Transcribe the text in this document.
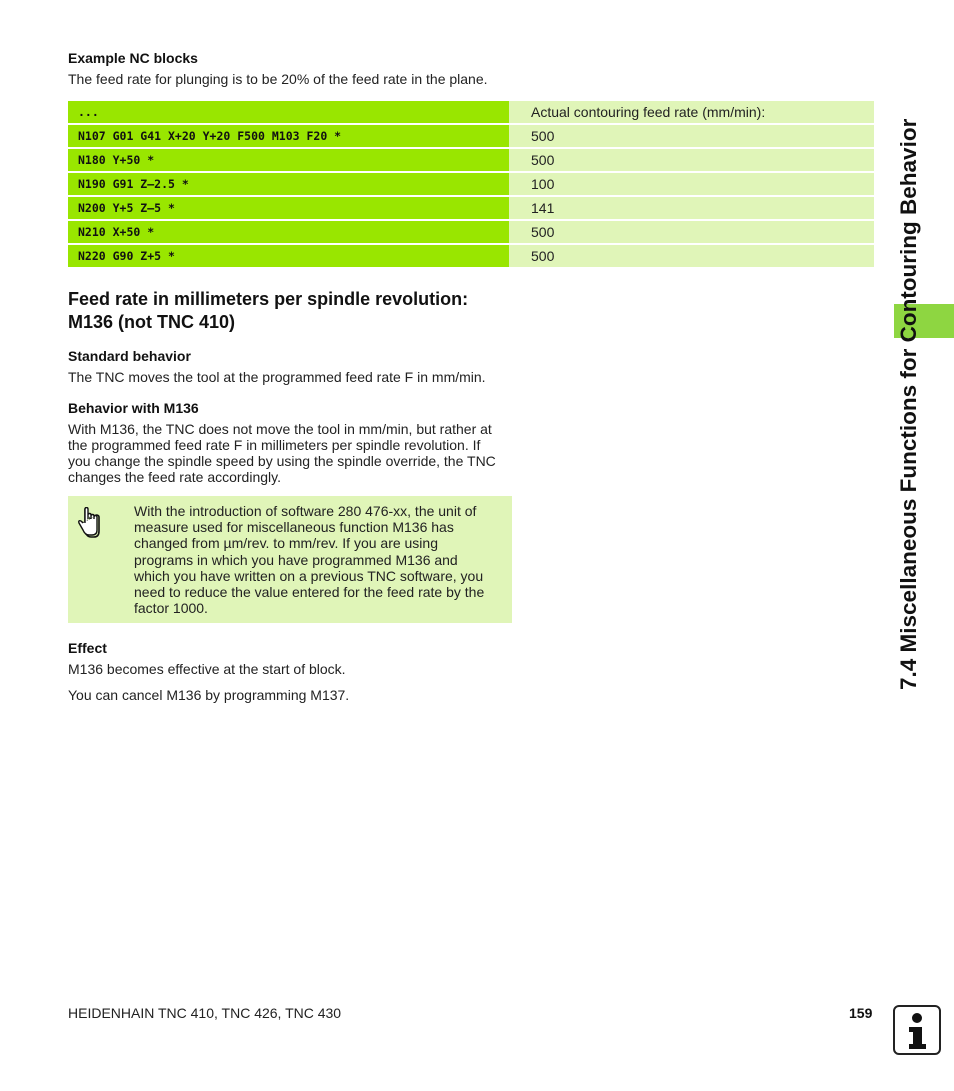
Example NC blocks
The feed rate for plunging is to be 20% of the feed rate in the plane.
...	Actual contouring feed rate (mm/min):
N107 G01 G41 X+20 Y+20 F500 M103 F20 *	500
N180 Y+50 *	500
N190 G91 Z–2.5 *	100
N200 Y+5 Z–5 *	141
N210 X+50 *	500
N220 G90 Z+5 *	500
Feed rate in millimeters per spindle revolution:
M136 (not TNC 410)
Standard behavior
The TNC moves the tool at the programmed feed rate F in mm/min.
Behavior with M136
With M136, the TNC does not move the tool in mm/min, but rather at
the programmed feed rate F in millimeters per spindle revolution. If
you change the spindle speed by using the spindle override, the TNC
changes the feed rate accordingly.
With the introduction of software 280 476-xx, the unit of
measure used for miscellaneous function M136 has
changed from µm/rev. to mm/rev. If you are using
programs in which you have programmed M136 and
which you have written on a previous TNC software, you
need to reduce the value entered for the feed rate by the
factor 1000.
Effect
M136 becomes effective at the start of block.
You can cancel M136 by programming M137.
7.4 Miscellaneous Functions for Contouring Behavior
HEIDENHAIN TNC 410, TNC 426, TNC 430	159
